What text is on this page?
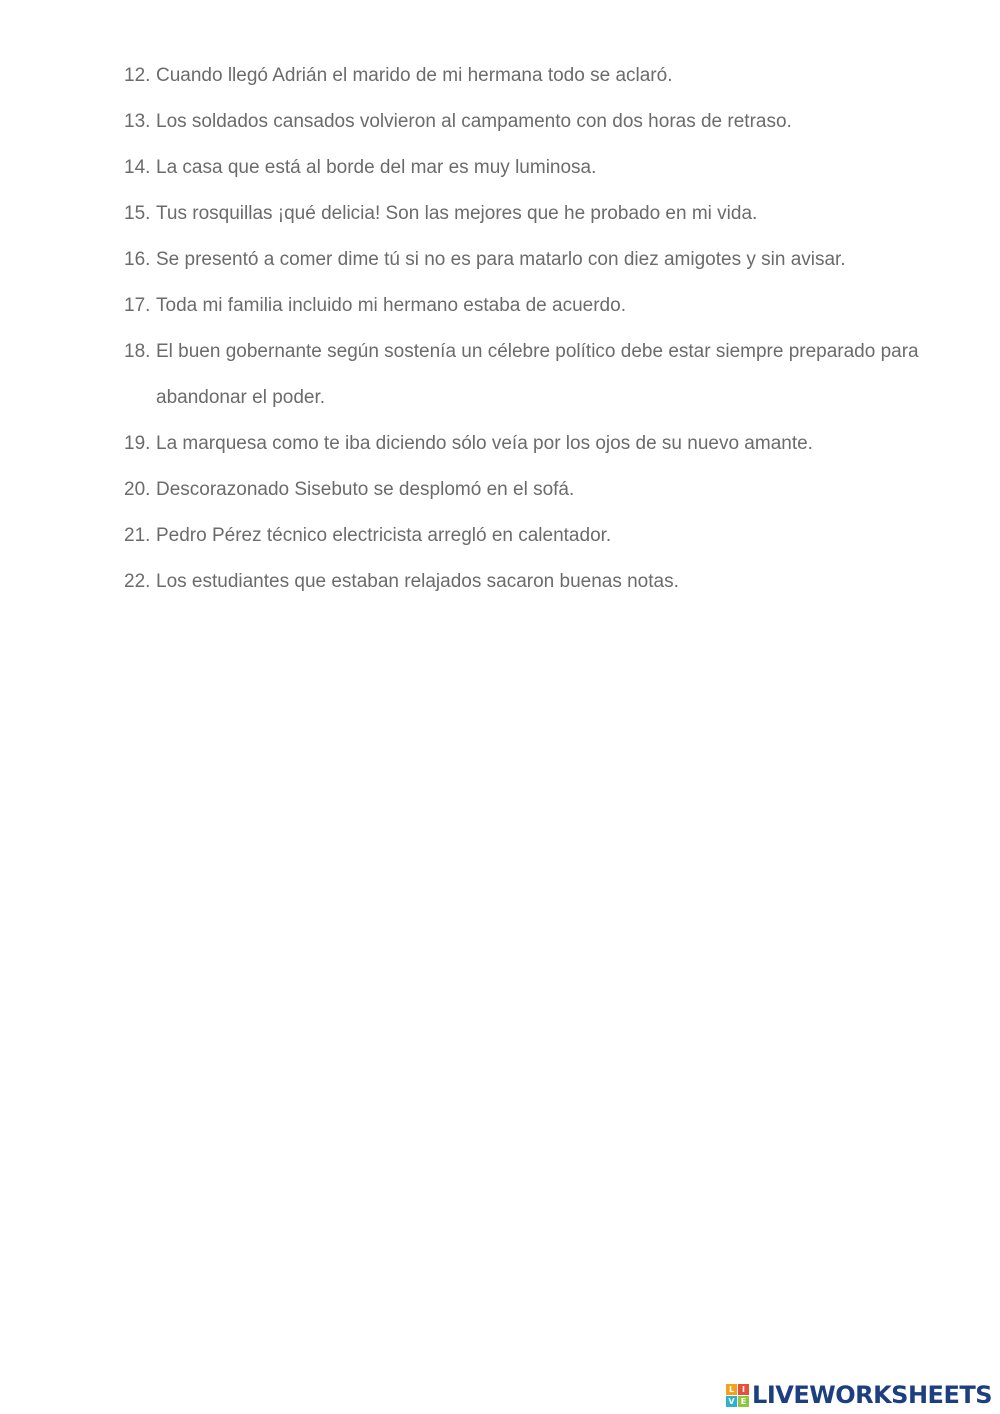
12. Cuando llegó Adrián el marido de mi hermana todo se aclaró.
13. Los soldados cansados volvieron al campamento con dos horas de retraso.
14. La casa que está al borde del mar es muy luminosa.
15. Tus rosquillas ¡qué delicia! Son las mejores que he probado en mi vida.
16. Se presentó a comer dime tú si no es para matarlo con diez amigotes y sin avisar.
17. Toda mi familia incluido mi hermano estaba de acuerdo.
18. El buen gobernante según sostenía un célebre político debe estar siempre preparado para abandonar el poder.
19. La marquesa como te iba diciendo sólo veía por los ojos de su nuevo amante.
20. Descorazonado Sisebuto se desplomó en el sofá.
21. Pedro Pérez técnico electricista arregló en calentador.
22. Los estudiantes que estaban relajados sacaron buenas notas.
L I
V E LIVEWORKSHEETS
